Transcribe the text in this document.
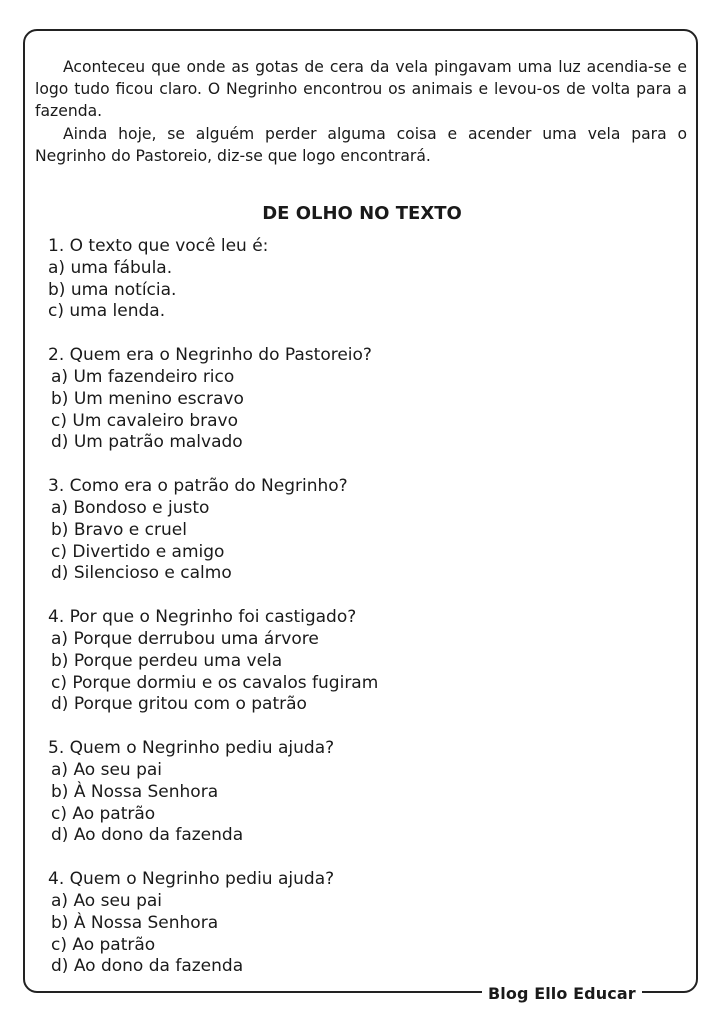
Blog Ello Educar

Aconteceu que onde as gotas de cera da vela pingavam uma luz acendia-se e logo tudo ficou claro. O Negrinho encontrou os animais e levou-os de volta para a fazenda.

Ainda hoje, se alguém perder alguma coisa e acender uma vela para o Negrinho do Pastoreio, diz-se que logo encontrará.

DE OLHO NO TEXTO
1. O texto que você leu é:
a) uma fábula.
b) uma notícia.
c) uma lenda.
2. Quem era o Negrinho do Pastoreio?
a) Um fazendeiro rico
b) Um menino escravo
c) Um cavaleiro bravo
d) Um patrão malvado
3. Como era o patrão do Negrinho?
a) Bondoso e justo
b) Bravo e cruel
c) Divertido e amigo
d) Silencioso e calmo
4. Por que o Negrinho foi castigado?
a) Porque derrubou uma árvore
b) Porque perdeu uma vela
c) Porque dormiu e os cavalos fugiram
d) Porque gritou com o patrão
5. Quem o Negrinho pediu ajuda?
a) Ao seu pai
b) À Nossa Senhora
c) Ao patrão
d) Ao dono da fazenda
4. Quem o Negrinho pediu ajuda?
a) Ao seu pai
b) À Nossa Senhora
c) Ao patrão
d) Ao dono da fazenda
